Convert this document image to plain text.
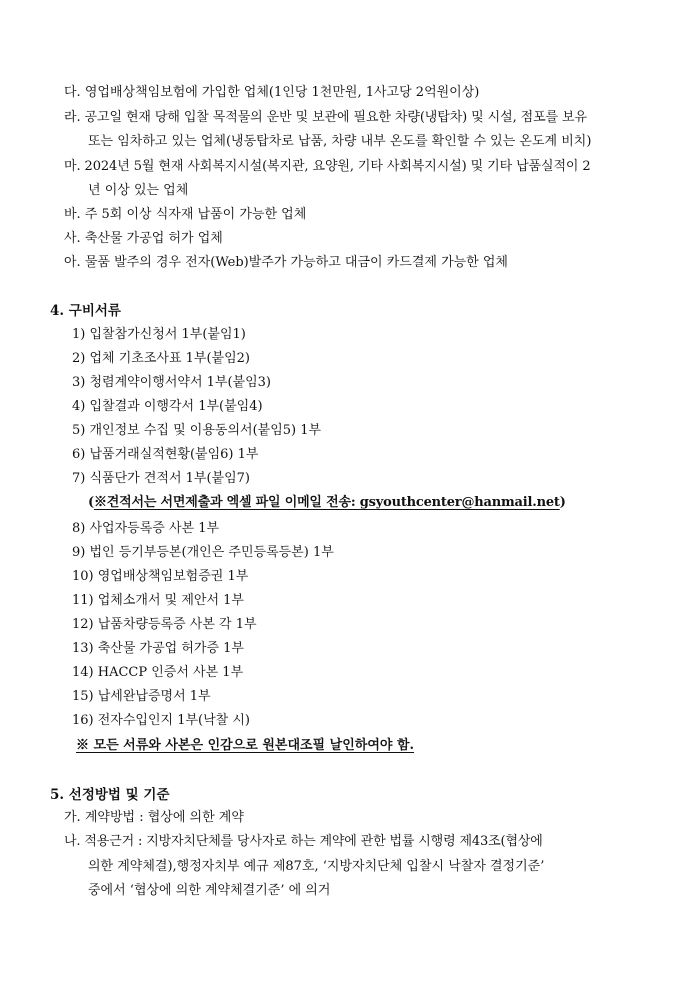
다. 영업배상책임보험에 가입한 업체(1인당 1천만원, 1사고당 2억원이상)
라. 공고일 현재 당해 입찰 목적물의 운반 및 보관에 필요한 차량(냉탑차) 및 시설, 점포를 보유
또는 임차하고 있는 업체(냉동탑차로 납품, 차량 내부 온도를 확인할 수 있는 온도계 비치)
마. 2024년 5월 현재 사회복지시설(복지관, 요양원, 기타 사회복지시설) 및 기타 납품실적이 2
년 이상 있는 업체
바. 주 5회 이상 식자재 납품이 가능한 업체
사. 축산물 가공업 허가 업체
아. 물품 발주의 경우 전자(Web)발주가 가능하고 대금이 카드결제 가능한 업체
4. 구비서류
1) 입찰참가신청서 1부(붙임1)
2) 업체 기초조사표 1부(붙임2)
3) 청렴계약이행서약서 1부(붙임3)
4) 입찰결과 이행각서 1부(붙임4)
5) 개인정보 수집 및 이용동의서(붙임5) 1부
6) 납품거래실적현황(붙임6) 1부
7) 식품단가 견적서 1부(붙임7)
(※견적서는 서면제출과 엑셀 파일 이메일 전송: gsyouthcenter@hanmail.net)
8) 사업자등록증 사본 1부
9) 법인 등기부등본(개인은 주민등록등본) 1부
10) 영업배상책임보험증권 1부
11) 업체소개서 및 제안서 1부
12) 납품차량등록증 사본 각 1부
13) 축산물 가공업 허가증 1부
14) HACCP 인증서 사본 1부
15) 납세완납증명서 1부
16) 전자수입인지 1부(낙찰 시)
※ 모든 서류와 사본은 인감으로 원본대조필 날인하여야 함.
5. 선정방법 및 기준
가. 계약방법 : 협상에 의한 계약
나. 적용근거 : 지방자치단체를 당사자로 하는 계약에 관한 법률 시행령 제43조(협상에
의한 계약체결),행정자치부 예규 제87호, ‘지방자치단체 입찰시 낙찰자 결정기준’
중에서 ‘협상에 의한 계약체결기준’ 에 의거
